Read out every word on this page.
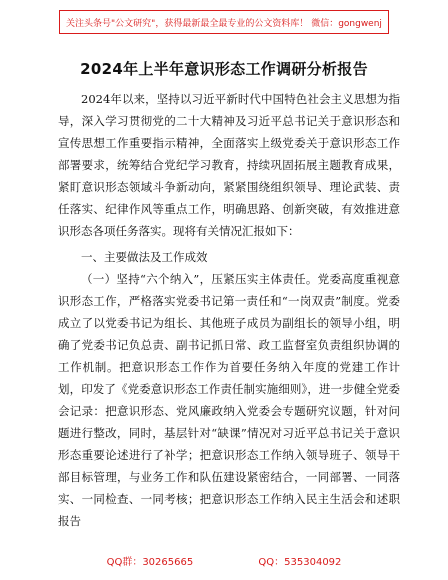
关注头条号"公文研究"，获得最新最全最专业的公文资料库！ 微信：gongwenj
2024年上半年意识形态工作调研分析报告

2024年以来，坚持以习近平新时代中国特色社会主义思想为指导，深入学习贯彻党的二十大精神及习近平总书记关于意识形态和宣传思想工作重要指示精神，全面落实上级党委关于意识形态工作部署要求，统筹结合党纪学习教育，持续巩固拓展主题教育成果，紧盯意识形态领域斗争新动向，紧紧围绕组织领导、理论武装、责任落实、纪律作风等重点工作，明确思路、创新突破，有效推进意识形态各项任务落实。现将有关情况汇报如下：

一、主要做法及工作成效

（一）坚持“六个纳入”，压紧压实主体责任。党委高度重视意识形态工作，严格落实党委书记第一责任和“一岗双责”制度。党委成立了以党委书记为组长、其他班子成员为副组长的领导小组，明确了党委书记负总责、副书记抓日常、政工监督室负责组织协调的工作机制。把意识形态工作作为首要任务纳入年度的党建工作计划，印发了《党委意识形态工作责任制实施细则》，进一步健全党委会记录：把意识形态、党风廉政纳入党委会专题研究议题，针对问题进行整改，同时，基层针对“缺课”情况对习近平总书记关于意识形态重要论述进行了补学；把意识形态工作纳入领导班子、领导干部目标管理，与业务工作和队伍建设紧密结合，一同部署、一同落实、一同检查、一同考核；把意识形态工作纳入民主生活会和述职报告

QQ群：30265665	QQ：535304092
